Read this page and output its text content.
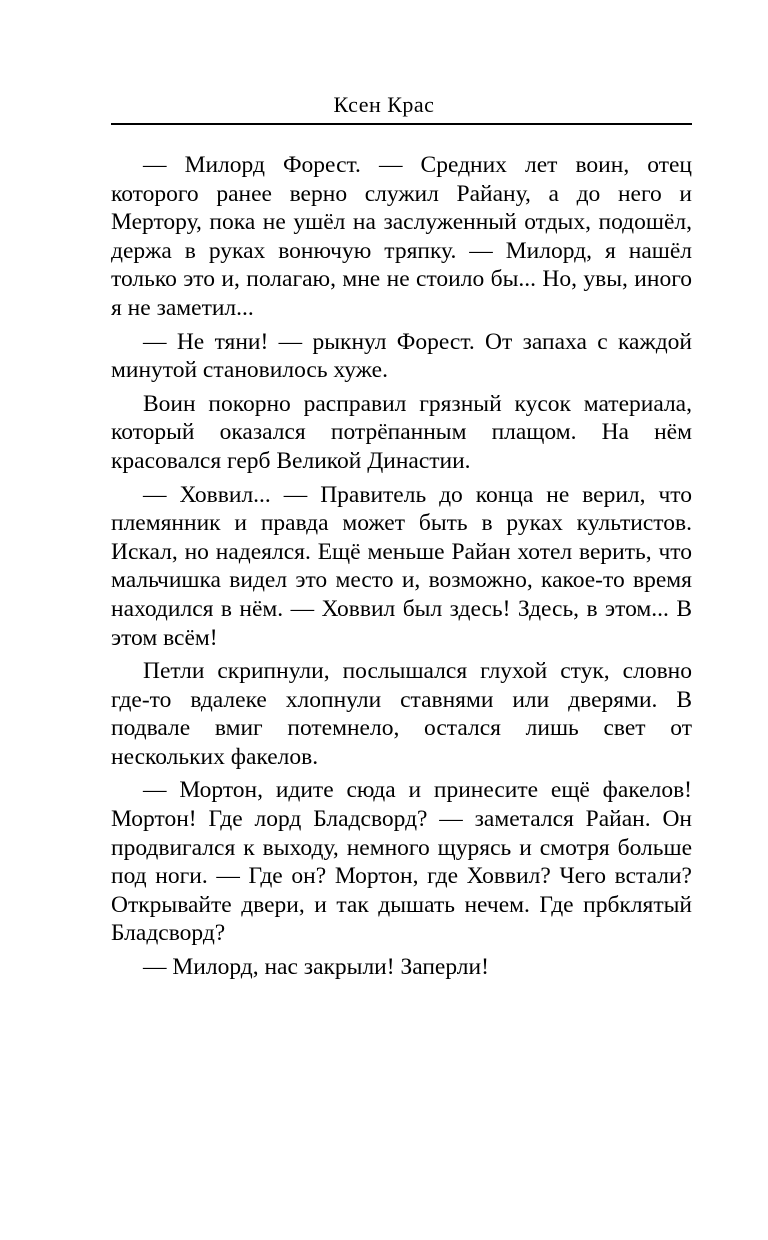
Ксен Крас

— Милорд Форест. — Средних лет воин, отец которого ранее верно служил Райану, а до него и Мертору, пока не ушёл на заслуженный отдых, подошёл, держа в руках вонючую тряпку. — Милорд, я нашёл только это и, полагаю, мне не стоило бы... Но, увы, иного я не заметил...

— Не тяни! — рыкнул Форест. От запаха с каждой минутой становилось хуже.

Воин покорно расправил грязный кусок материала, который оказался потрёпанным плащом. На нём красовался герб Великой Династии.

— Ховвил... — Правитель до конца не верил, что племянник и правда может быть в руках культистов. Искал, но надеялся. Ещё меньше Райан хотел верить, что мальчишка видел это место и, возможно, какое-то время находился в нём. — Ховвил был здесь! Здесь, в этом... В этом всём!

Петли скрипнули, послышался глухой стук, словно где-то вдалеке хлопнули ставнями или дверями. В подвале вмиг потемнело, остался лишь свет от нескольких факелов.

— Мортон, идите сюда и принесите ещё факелов! Мортон! Где лорд Бладсворд? — заметался Райан. Он продвигался к выходу, немного щурясь и смотря больше под ноги. — Где он? Мортон, где Ховвил? Чего встали? Открывайте двери, и так дышать нечем. Где прбклятый Бладсворд?

— Милорд, нас закрыли! Заперли!
